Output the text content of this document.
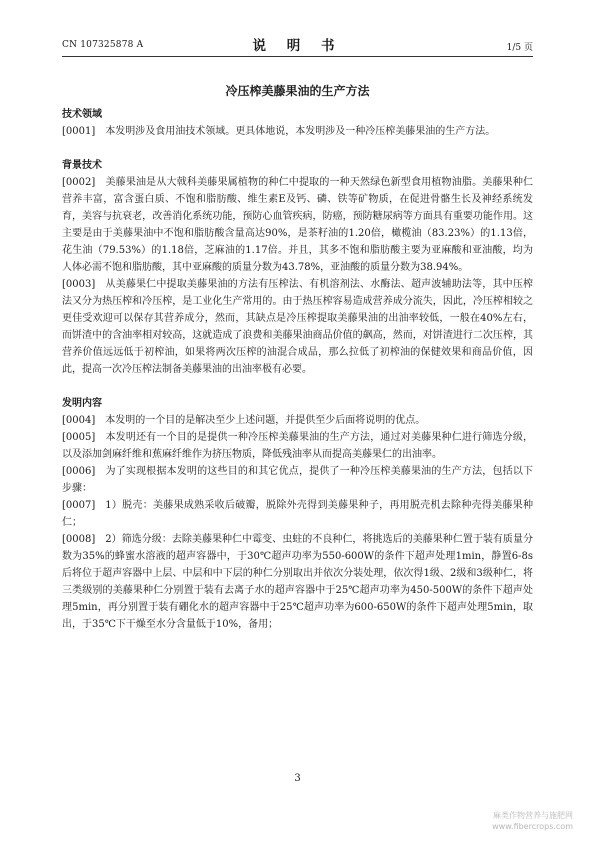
CN 107325878 A	说 明 书	1/5 页
冷压榨美藤果油的生产方法

技术领域

[0001] 本发明涉及食用油技术领域。更具体地说，本发明涉及一种冷压榨美藤果油的生产方法。

背景技术

[0002] 美藤果油是从大戟科美藤果属植物的种仁中提取的一种天然绿色新型食用植物油脂。美藤果种仁营养丰富，富含蛋白质、不饱和脂肪酸、维生素E及钙、磷、铁等矿物质，在促进骨骼生长及神经系统发育，美容与抗衰老，改善消化系统功能，预防心血管疾病，防癌，预防糖尿病等方面具有重要功能作用。这主要是由于美藤果油中不饱和脂肪酸含量高达90%，是茶籽油的1.20倍，橄榄油（83.23%）的1.13倍，花生油（79.53%）的1.18倍，芝麻油的1.17倍。并且，其多不饱和脂肪酸主要为亚麻酸和亚油酸，均为人体必需不饱和脂肪酸，其中亚麻酸的质量分数为43.78%，亚油酸的质量分数为38.94%。

[0003] 从美藤果仁中提取美藤果油的方法有压榨法、有机溶剂法、水酶法、超声波辅助法等，其中压榨法又分为热压榨和冷压榨，是工业化生产常用的。由于热压榨容易造成营养成分流失，因此，冷压榨相较之更佳受欢迎可以保存其营养成分，然而，其缺点是冷压榨提取美藤果油的出油率较低，一般在40%左右，而饼渣中的含油率相对较高，这就造成了浪费和美藤果油商品价值的飙高，然而，对饼渣进行二次压榨，其营养价值远远低于初榨油，如果将两次压榨的油混合成品，那么拉低了初榨油的保健效果和商品价值，因此，提高一次冷压榨法制备美藤果油的出油率极有必要。

发明内容

[0004] 本发明的一个目的是解决至少上述问题，并提供至少后面将说明的优点。

[0005] 本发明还有一个目的是提供一种冷压榨美藤果油的生产方法，通过对美藤果种仁进行筛选分级，以及添加剑麻纤维和蕉麻纤维作为挤压物质，降低残油率从而提高美藤果仁的出油率。

[0006] 为了实现根据本发明的这些目的和其它优点，提供了一种冷压榨美藤果油的生产方法，包括以下步骤：

[0007] 1）脱壳：美藤果成熟采收后破瓣，脱除外壳得到美藤果种子，再用脱壳机去除种壳得美藤果种仁；

[0008] 2）筛选分级：去除美藤果种仁中霉变、虫蛀的不良种仁，将挑选后的美藤果种仁置于装有质量分数为35%的蜂蜜水溶液的超声容器中，于30℃超声功率为550-600W的条件下超声处理1min，静置6-8s后将位于超声容器中上层、中层和中下层的种仁分别取出并依次分装处理，依次得1级、2级和3级种仁，将三类级别的美藤果种仁分别置于装有去离子水的超声容器中于25℃超声功率为450-500W的条件下超声处理5min，再分别置于装有硼化水的超声容器中于25℃超声功率为600-650W的条件下超声处理5min，取出，于35℃下干燥至水分含量低于10%，备用；

3
麻类作物营养与施肥网
www.fibercrops.com
